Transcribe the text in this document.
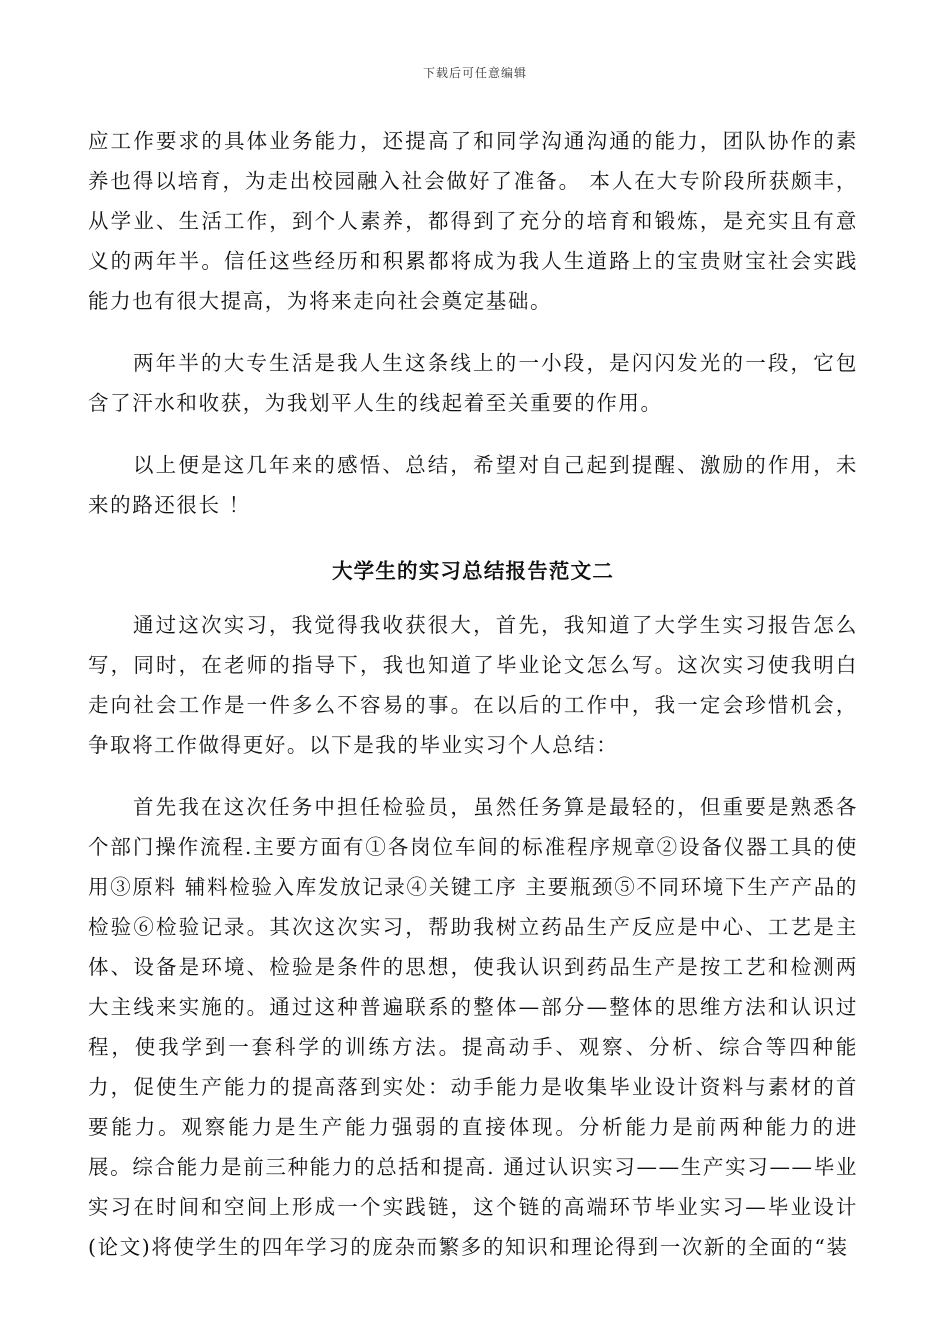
下载后可任意编辑

应工作要求的具体业务能力，还提高了和同学沟通沟通的能力，团队协作的素养也得以培育，为走出校园融入社会做好了准备。 本人在大专阶段所获颇丰，从学业、生活工作，到个人素养，都得到了充分的培育和锻炼，是充实且有意义的两年半。信任这些经历和积累都将成为我人生道路上的宝贵财宝社会实践能力也有很大提高，为将来走向社会奠定基础。

两年半的大专生活是我人生这条线上的一小段，是闪闪发光的一段，它包含了汗水和收获，为我划平人生的线起着至关重要的作用。

以上便是这几年来的感悟、总结，希望对自己起到提醒、激励的作用，未来的路还很长 ！

大学生的实习总结报告范文二

通过这次实习，我觉得我收获很大，首先，我知道了大学生实习报告怎么写，同时，在老师的指导下，我也知道了毕业论文怎么写。这次实习使我明白走向社会工作是一件多么不容易的事。在以后的工作中，我一定会珍惜机会，争取将工作做得更好。以下是我的毕业实习个人总结：

首先我在这次任务中担任检验员，虽然任务算是最轻的，但重要是熟悉各个部门操作流程.主要方面有①各岗位车间的标准程序规章②设备仪器工具的使用③原料 辅料检验入库发放记录④关键工序 主要瓶颈⑤不同环境下生产产品的检验⑥检验记录。其次这次实习，帮助我树立药品生产反应是中心、工艺是主体、设备是环境、检验是条件的思想，使我认识到药品生产是按工艺和检测两大主线来实施的。通过这种普遍联系的整体—部分—整体的思维方法和认识过程，使我学到一套科学的训练方法。提高动手、观察、分析、综合等四种能力，促使生产能力的提高落到实处：动手能力是收集毕业设计资料与素材的首要能力。观察能力是生产能力强弱的直接体现。分析能力是前两种能力的进展。综合能力是前三种能力的总括和提高. 通过认识实习——生产实习——毕业实习在时间和空间上形成一个实践链，这个链的高端环节毕业实习—毕业设计(论文)将使学生的四年学习的庞杂而繁多的知识和理论得到一次新的全面的“装
